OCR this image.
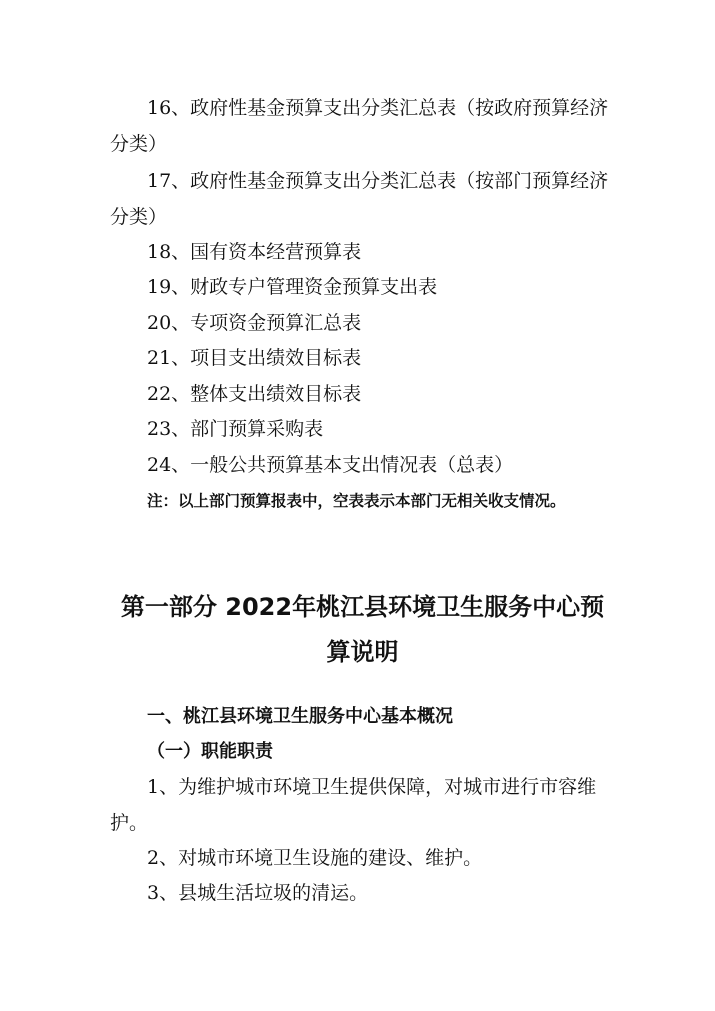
16、政府性基金预算支出分类汇总表（按政府预算经济分类）
17、政府性基金预算支出分类汇总表（按部门预算经济分类）
18、国有资本经营预算表
19、财政专户管理资金预算支出表
20、专项资金预算汇总表
21、项目支出绩效目标表
22、整体支出绩效目标表
23、部门预算采购表
24、一般公共预算基本支出情况表（总表）
注：以上部门预算报表中，空表表示本部门无相关收支情况。
第一部分 2022年桃江县环境卫生服务中心预算说明
一、桃江县环境卫生服务中心基本概况
（一）职能职责
1、为维护城市环境卫生提供保障，对城市进行市容维护。
2、对城市环境卫生设施的建设、维护。
3、县城生活垃圾的清运。
